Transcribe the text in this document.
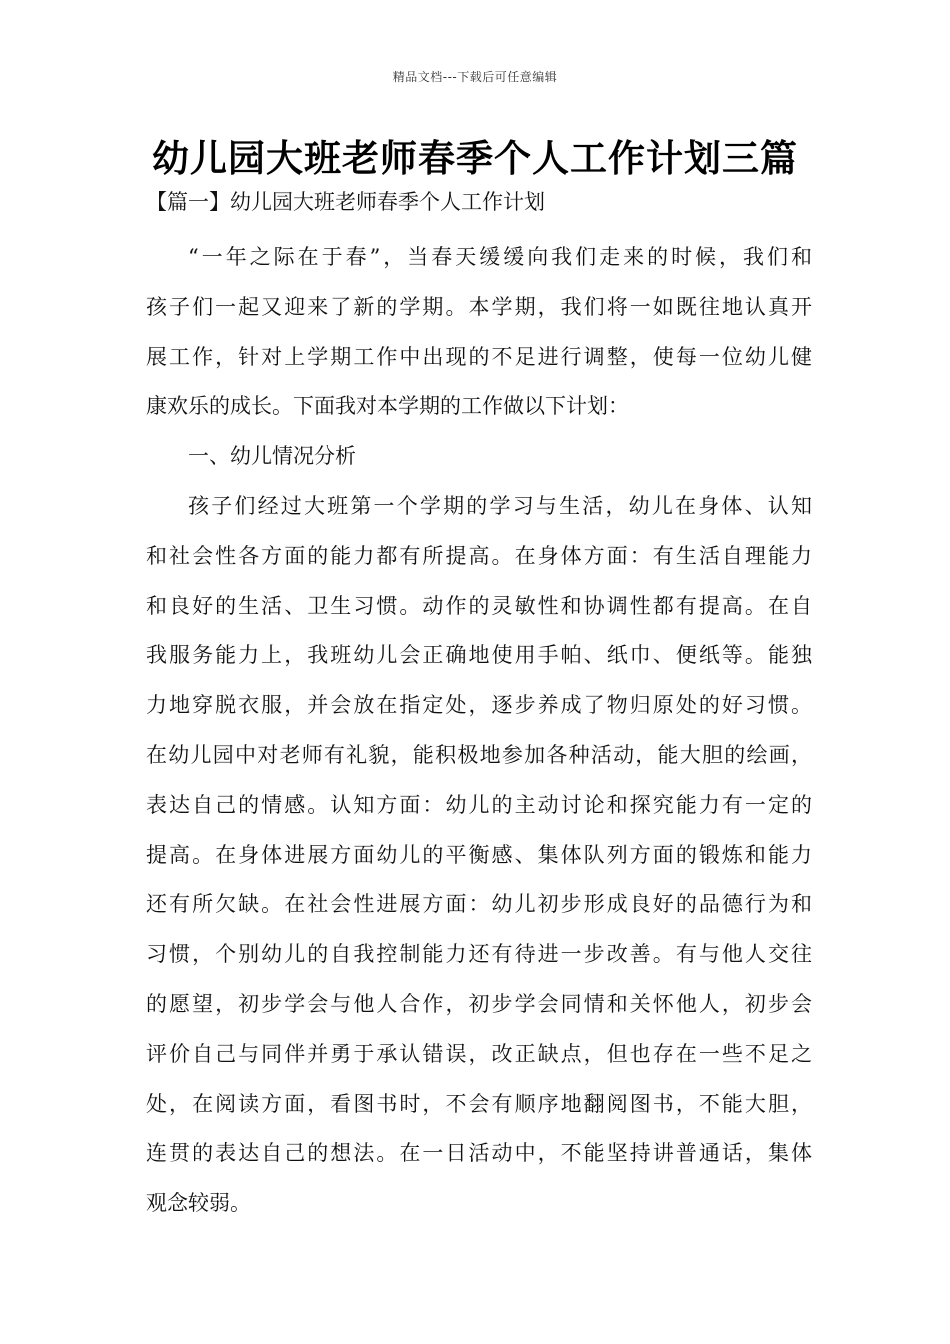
精品文档---下载后可任意编辑
幼儿园大班老师春季个人工作计划三篇
【篇一】幼儿园大班老师春季个人工作计划
“一年之际在于春”，当春天缓缓向我们走来的时候，我们和
孩子们一起又迎来了新的学期。本学期，我们将一如既往地认真开
展工作，针对上学期工作中出现的不足进行调整，使每一位幼儿健
康欢乐的成长。下面我对本学期的工作做以下计划：
一、幼儿情况分析
孩子们经过大班第一个学期的学习与生活，幼儿在身体、认知
和社会性各方面的能力都有所提高。在身体方面：有生活自理能力
和良好的生活、卫生习惯。动作的灵敏性和协调性都有提高。在自
我服务能力上，我班幼儿会正确地使用手帕、纸巾、便纸等。能独
力地穿脱衣服，并会放在指定处，逐步养成了物归原处的好习惯。
在幼儿园中对老师有礼貌，能积极地参加各种活动，能大胆的绘画，
表达自己的情感。认知方面：幼儿的主动讨论和探究能力有一定的
提高。在身体进展方面幼儿的平衡感、集体队列方面的锻炼和能力
还有所欠缺。在社会性进展方面：幼儿初步形成良好的品德行为和
习惯，个别幼儿的自我控制能力还有待进一步改善。有与他人交往
的愿望，初步学会与他人合作，初步学会同情和关怀他人，初步会
评价自己与同伴并勇于承认错误，改正缺点，但也存在一些不足之
处，在阅读方面，看图书时，不会有顺序地翻阅图书，不能大胆，
连贯的表达自己的想法。在一日活动中，不能坚持讲普通话，集体
观念较弱。
